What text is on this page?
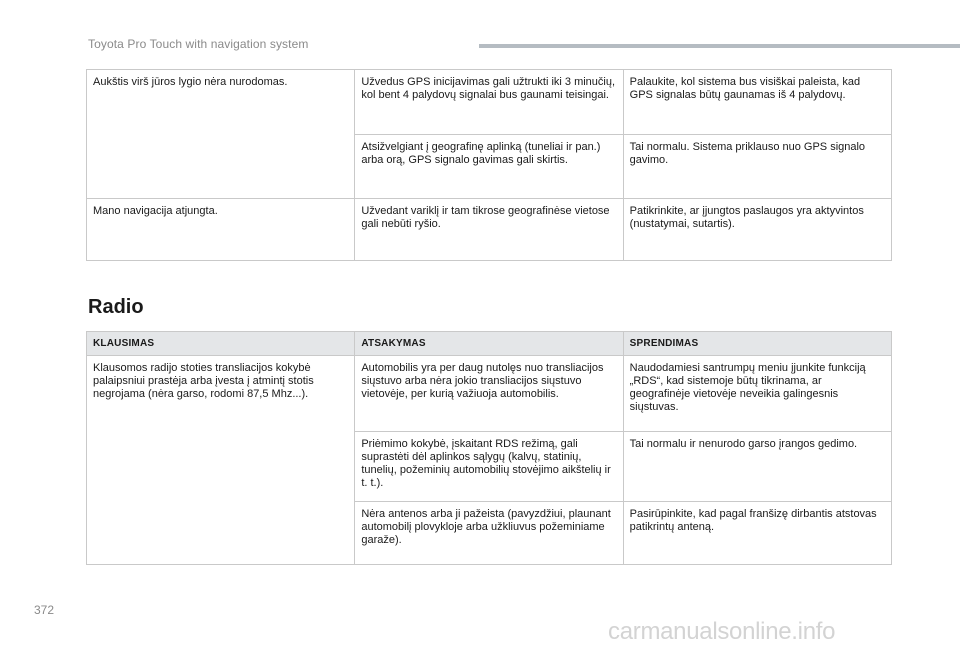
Toyota Pro Touch with navigation system
Aukštis virš jūros lygio nėra nurodomas.	Užvedus GPS inicijavimas gali užtrukti iki 3 minučių, kol bent 4 palydovų signalai bus gaunami teisingai.	Palaukite, kol sistema bus visiškai paleista, kad GPS signalas būtų gaunamas iš 4 palydovų.
	Atsižvelgiant į geografinę aplinką (tuneliai ir pan.) arba orą, GPS signalo gavimas gali skirtis.	Tai normalu. Sistema priklauso nuo GPS signalo gavimo.
Mano navigacija atjungta.	Užvedant variklį ir tam tikrose geografinėse vietose gali nebūti ryšio.	Patikrinkite, ar įjungtos paslaugos yra aktyvintos (nustatymai, sutartis).
Radio
KLAUSIMAS	ATSAKYMAS	SPRENDIMAS
Klausomos radijo stoties transliacijos kokybė palaipsniui prastėja arba įvesta į atmintį stotis negrojama (nėra garso, rodomi 87,5 Mhz...).	Automobilis yra per daug nutolęs nuo transliacijos siųstuvo arba nėra jokio transliacijos siųstuvo vietovėje, per kurią važiuoja automobilis.	Naudodamiesi santrumpų meniu įjunkite funkciją „RDS“, kad sistemoje būtų tikrinama, ar geografinėje vietovėje neveikia galingesnis siųstuvas.
	Priėmimo kokybė, įskaitant RDS režimą, gali suprastėti dėl aplinkos sąlygų (kalvų, statinių, tunelių, požeminių automobilių stovėjimo aikštelių ir t. t.).	Tai normalu ir nenurodo garso įrangos gedimo.
	Nėra antenos arba ji pažeista (pavyzdžiui, plaunant automobilį plovykloje arba užkliuvus požeminiame garaže).	Pasirūpinkite, kad pagal franšizę dirbantis atstovas patikrintų anteną.
372
carmanualsonline.info
